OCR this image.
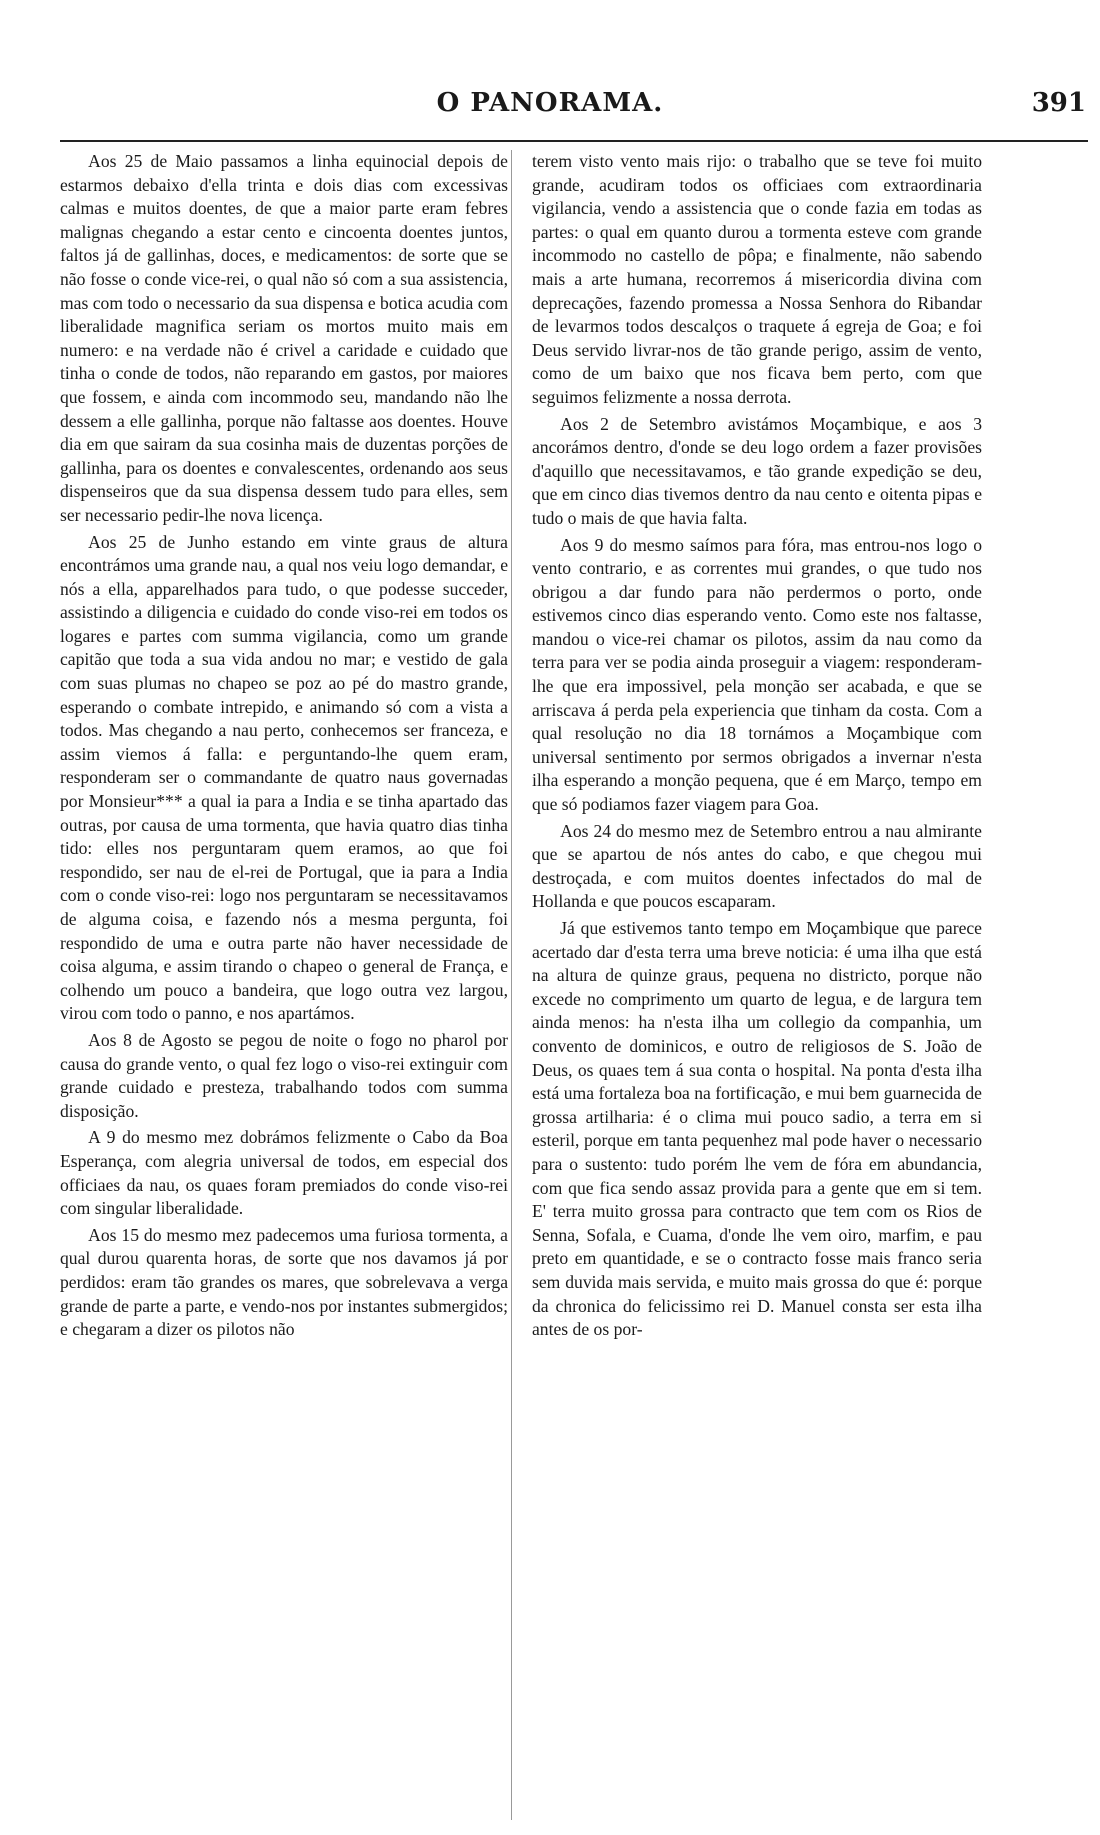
O PANORAMA.	391

Aos 25 de Maio passamos a linha equinocial depois de estarmos debaixo d'ella trinta e dois dias com excessivas calmas e muitos doentes, de que a maior parte eram febres malignas chegando a estar cento e cincoenta doentes juntos, faltos já de gallinhas, doces, e medicamentos: de sorte que se não fosse o conde vice-rei, o qual não só com a sua assistencia, mas com todo o necessario da sua dispensa e botica acudia com liberalidade magnifica seriam os mortos muito mais em numero: e na verdade não é crivel a caridade e cuidado que tinha o conde de todos, não reparando em gastos, por maiores que fossem, e ainda com incommodo seu, mandando não lhe dessem a elle gallinha, porque não faltasse aos doentes. Houve dia em que sairam da sua cosinha mais de duzentas porções de gallinha, para os doentes e convalescentes, ordenando aos seus dispenseiros que da sua dispensa dessem tudo para elles, sem ser necessario pedir-lhe nova licença.

Aos 25 de Junho estando em vinte graus de altura encontrámos uma grande nau, a qual nos veiu logo demandar, e nós a ella, apparelhados para tudo, o que podesse succeder, assistindo a diligencia e cuidado do conde viso-rei em todos os logares e partes com summa vigilancia, como um grande capitão que toda a sua vida andou no mar; e vestido de gala com suas plumas no chapeo se poz ao pé do mastro grande, esperando o combate intrepido, e animando só com a vista a todos. Mas chegando a nau perto, conhecemos ser franceza, e assim viemos á falla: e perguntando-lhe quem eram, responderam ser o commandante de quatro naus governadas por Monsieur*** a qual ia para a India e se tinha apartado das outras, por causa de uma tormenta, que havia quatro dias tinha tido: elles nos perguntaram quem eramos, ao que foi respondido, ser nau de el-rei de Portugal, que ia para a India com o conde viso-rei: logo nos perguntaram se necessitavamos de alguma coisa, e fazendo nós a mesma pergunta, foi respondido de uma e outra parte não haver necessidade de coisa alguma, e assim tirando o chapeo o general de França, e colhendo um pouco a bandeira, que logo outra vez largou, virou com todo o panno, e nos apartámos.

Aos 8 de Agosto se pegou de noite o fogo no pharol por causa do grande vento, o qual fez logo o viso-rei extinguir com grande cuidado e presteza, trabalhando todos com summa disposição.

A 9 do mesmo mez dobrámos felizmente o Cabo da Boa Esperança, com alegria universal de todos, em especial dos officiaes da nau, os quaes foram premiados do conde viso-rei com singular liberalidade.

Aos 15 do mesmo mez padecemos uma furiosa tormenta, a qual durou quarenta horas, de sorte que nos davamos já por perdidos: eram tão grandes os mares, que sobrelevava a verga grande de parte a parte, e vendo-nos por instantes submergidos; e chegaram a dizer os pilotos não

terem visto vento mais rijo: o trabalho que se teve foi muito grande, acudiram todos os officiaes com extraordinaria vigilancia, vendo a assistencia que o conde fazia em todas as partes: o qual em quanto durou a tormenta esteve com grande incommodo no castello de pôpa; e finalmente, não sabendo mais a arte humana, recorremos á misericordia divina com deprecações, fazendo promessa a Nossa Senhora do Ribandar de levarmos todos descalços o traquete á egreja de Goa; e foi Deus servido livrar-nos de tão grande perigo, assim de vento, como de um baixo que nos ficava bem perto, com que seguimos felizmente a nossa derrota.

Aos 2 de Setembro avistámos Moçambique, e aos 3 ancorámos dentro, d'onde se deu logo ordem a fazer provisões d'aquillo que necessitavamos, e tão grande expedição se deu, que em cinco dias tivemos dentro da nau cento e oitenta pipas e tudo o mais de que havia falta.

Aos 9 do mesmo saímos para fóra, mas entrou-nos logo o vento contrario, e as correntes mui grandes, o que tudo nos obrigou a dar fundo para não perdermos o porto, onde estivemos cinco dias esperando vento. Como este nos faltasse, mandou o vice-rei chamar os pilotos, assim da nau como da terra para ver se podia ainda proseguir a viagem: responderam-lhe que era impossivel, pela monção ser acabada, e que se arriscava á perda pela experiencia que tinham da costa. Com a qual resolução no dia 18 tornámos a Moçambique com universal sentimento por sermos obrigados a invernar n'esta ilha esperando a monção pequena, que é em Março, tempo em que só podiamos fazer viagem para Goa.

Aos 24 do mesmo mez de Setembro entrou a nau almirante que se apartou de nós antes do cabo, e que chegou mui destroçada, e com muitos doentes infectados do mal de Hollanda e que poucos escaparam.

Já que estivemos tanto tempo em Moçambique que parece acertado dar d'esta terra uma breve noticia: é uma ilha que está na altura de quinze graus, pequena no districto, porque não excede no comprimento um quarto de legua, e de largura tem ainda menos: ha n'esta ilha um collegio da companhia, um convento de dominicos, e outro de religiosos de S. João de Deus, os quaes tem á sua conta o hospital. Na ponta d'esta ilha está uma fortaleza boa na fortificação, e mui bem guarnecida de grossa artilharia: é o clima mui pouco sadio, a terra em si esteril, porque em tanta pequenhez mal pode haver o necessario para o sustento: tudo porém lhe vem de fóra em abundancia, com que fica sendo assaz provida para a gente que em si tem. E' terra muito grossa para contracto que tem com os Rios de Senna, Sofala, e Cuama, d'onde lhe vem oiro, marfim, e pau preto em quantidade, e se o contracto fosse mais franco seria sem duvida mais servida, e muito mais grossa do que é: porque da chronica do felicissimo rei D. Manuel consta ser esta ilha antes de os por-
